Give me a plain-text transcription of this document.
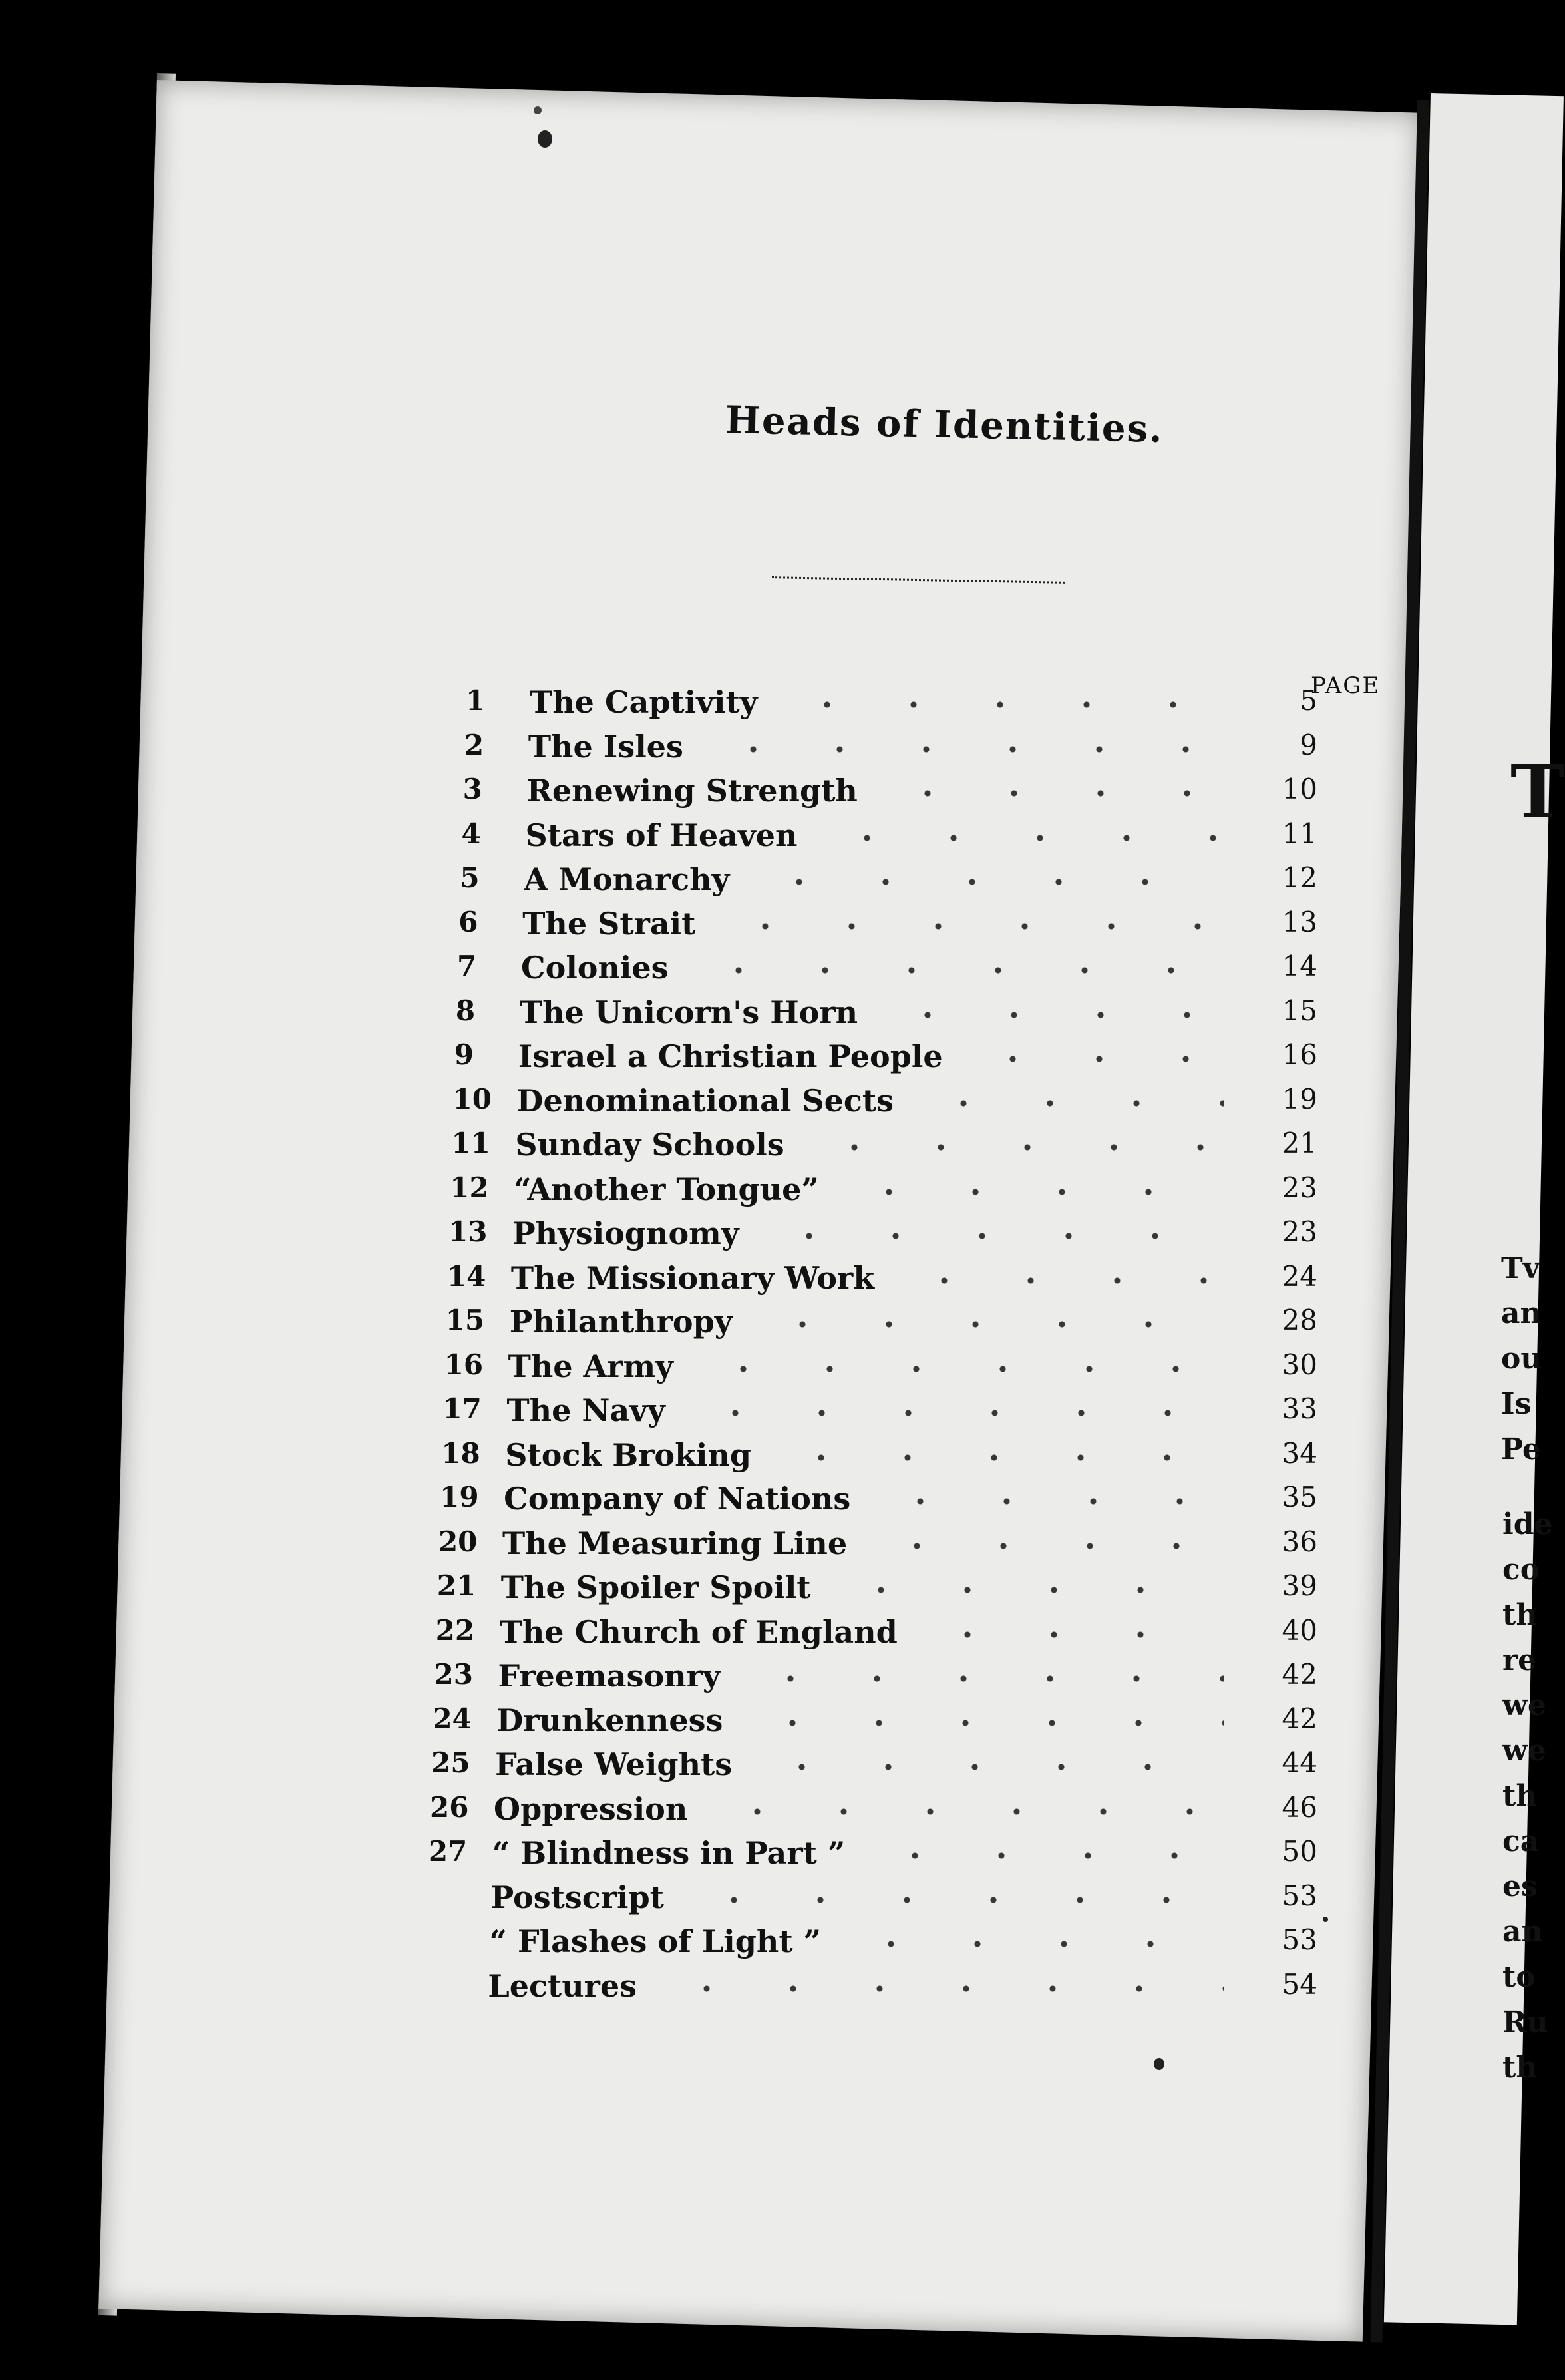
Heads of Identities.
PAGE
1	The Captivity	5
2	The Isles	9
3	Renewing Strength	10
4	Stars of Heaven	11
5	A Monarchy	12
6	The Strait	13
7	Colonies	14
8	The Unicorn's Horn	15
9	Israel a Christian People	16
10 Denominational Sects	19
11 Sunday Schools	21
12 “Another Tongue”	23
13 Physiognomy	23
14 The Missionary Work	24
15 Philanthropy	28
16 The Army	30
17 The Navy	33
18 Stock Broking	34
19 Company of Nations	35
20 The Measuring Line	36
21 The Spoiler Spoilt	39
22 The Church of England	40
23 Freemasonry	42
24 Drunkenness	42
25 False Weights	44
26 Oppression	46
27 “ Blindness in Part ”	50
Postscript	53
“ Flashes of Light ”	53
Lectures	54
T
Tv
an
ou
Is
Pe
ide
co
th
re
we
we
th
ca
es
an
to
Ru
th
